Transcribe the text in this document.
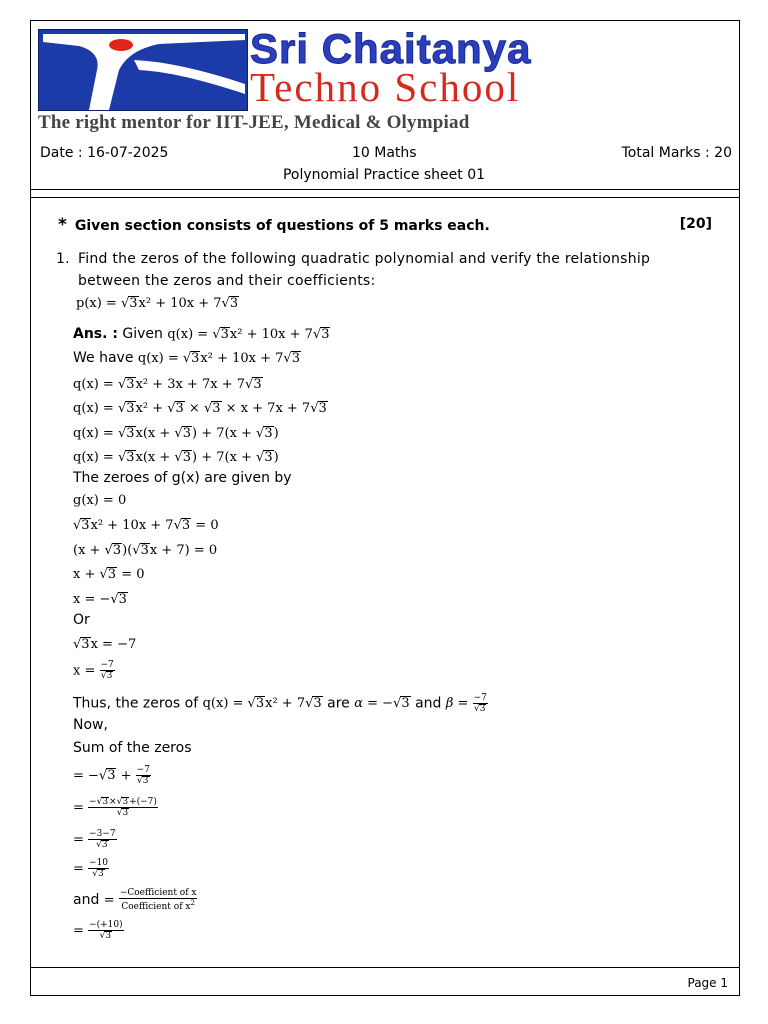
Sri Chaitanya
Techno School
The right mentor for IIT-JEE, Medical & Olympiad
Date : 16-07-2025	10 Maths	Total Marks : 20
Polynomial Practice sheet 01
* Given section consists of questions of 5 marks each.	[20]
1. Find the zeros of the following quadratic polynomial and verify the relationship between the zeros and their coefficients:
p(x) = √3x² + 10x + 7√3
Ans. : Given q(x) = √3x² + 10x + 7√3
We have q(x) = √3x² + 10x + 7√3
q(x) = √3x² + 3x + 7x + 7√3
q(x) = √3x² + √3 × √3 × x + 7x + 7√3
q(x) = √3x(x + √3) + 7(x + √3)
q(x) = √3x(x + √3) + 7(x + √3)
The zeroes of g(x) are given by
g(x) = 0
√3x² + 10x + 7√3 = 0
(x + √3)(√3x + 7) = 0
x + √3 = 0
x = −√3
Or
√3x = −7
$x = \frac{-7}{√3}$
Thus, the zeros of q(x) = √3x² + 7√3 are α = −√3 and $\beta = \frac{-7}{√3}$
Now,
Sum of the zeros
= $-√3 + \frac{-7}{√3}$
= $\frac{-√3\times√3+(-7)}{√3}$
= $\frac{-3-7}{√3}$
= $\frac{-10}{√3}$
and = $\frac{\text{−Coefficient of x}}{Coefficient of x^2}$
= $\frac{-(+10)}{√3}$
Page 1
